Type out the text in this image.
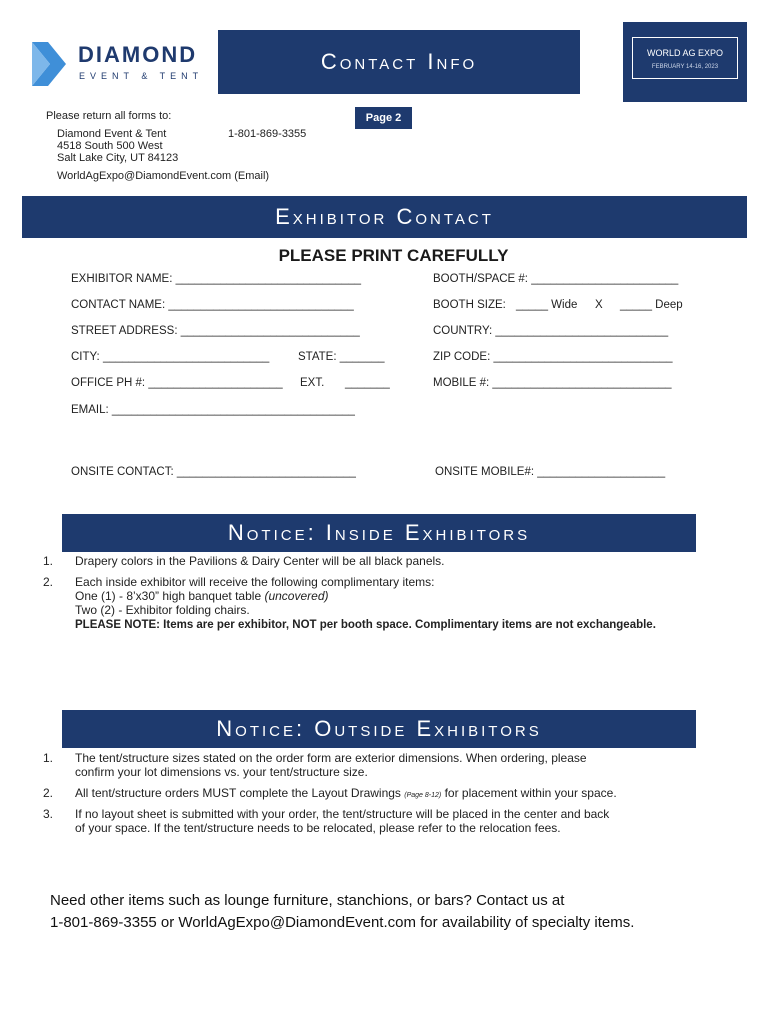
DIAMOND
EVENT & TENT
Contact Info	WORLD AG EXPO
FEBRUARY 14-16, 2023
Please return all forms to:
Diamond Event & Tent
4518 South 500 West
Salt Lake City, UT 84123
1-801-869-3355
WorldAgExpo@DiamondEvent.com (Email)
Page 2
Exhibitor Contact
PLEASE PRINT CAREFULLY
EXHIBITOR NAME: _____________________________
CONTACT NAME: _____________________________
STREET ADDRESS: ____________________________
CITY: __________________________	STATE: _______
OFFICE PH #: _____________________ EXT. _______
EMAIL: ______________________________________
ONSITE CONTACT: ____________________________
BOOTH/SPACE #: _______________________
BOOTH SIZE: _____ Wide X _____ Deep
COUNTRY: ___________________________
ZIP CODE: ____________________________
MOBILE #: ____________________________
ONSITE MOBILE#: ____________________
Notice: Inside Exhibitors
1. Drapery colors in the Pavilions & Dairy Center will be all black panels.
2. Each inside exhibitor will receive the following complimentary items:
One (1) - 8’x30” high banquet table (uncovered)
Two (2) - Exhibitor folding chairs.
PLEASE NOTE: Items are per exhibitor, NOT per booth space. Complimentary items are not exchangeable.
Notice: Outside Exhibitors
1. The tent/structure sizes stated on the order form are exterior dimensions. When ordering, please
confirm your lot dimensions vs. your tent/structure size.
2. All tent/structure orders MUST complete the Layout Drawings (Page 8-12) for placement within your space.
3. If no layout sheet is submitted with your order, the tent/structure will be placed in the center and back
of your space. If the tent/structure needs to be relocated, please refer to the relocation fees.
Need other items such as lounge furniture, stanchions, or bars? Contact us at
1-801-869-3355 or WorldAgExpo@DiamondEvent.com for availability of specialty items.
